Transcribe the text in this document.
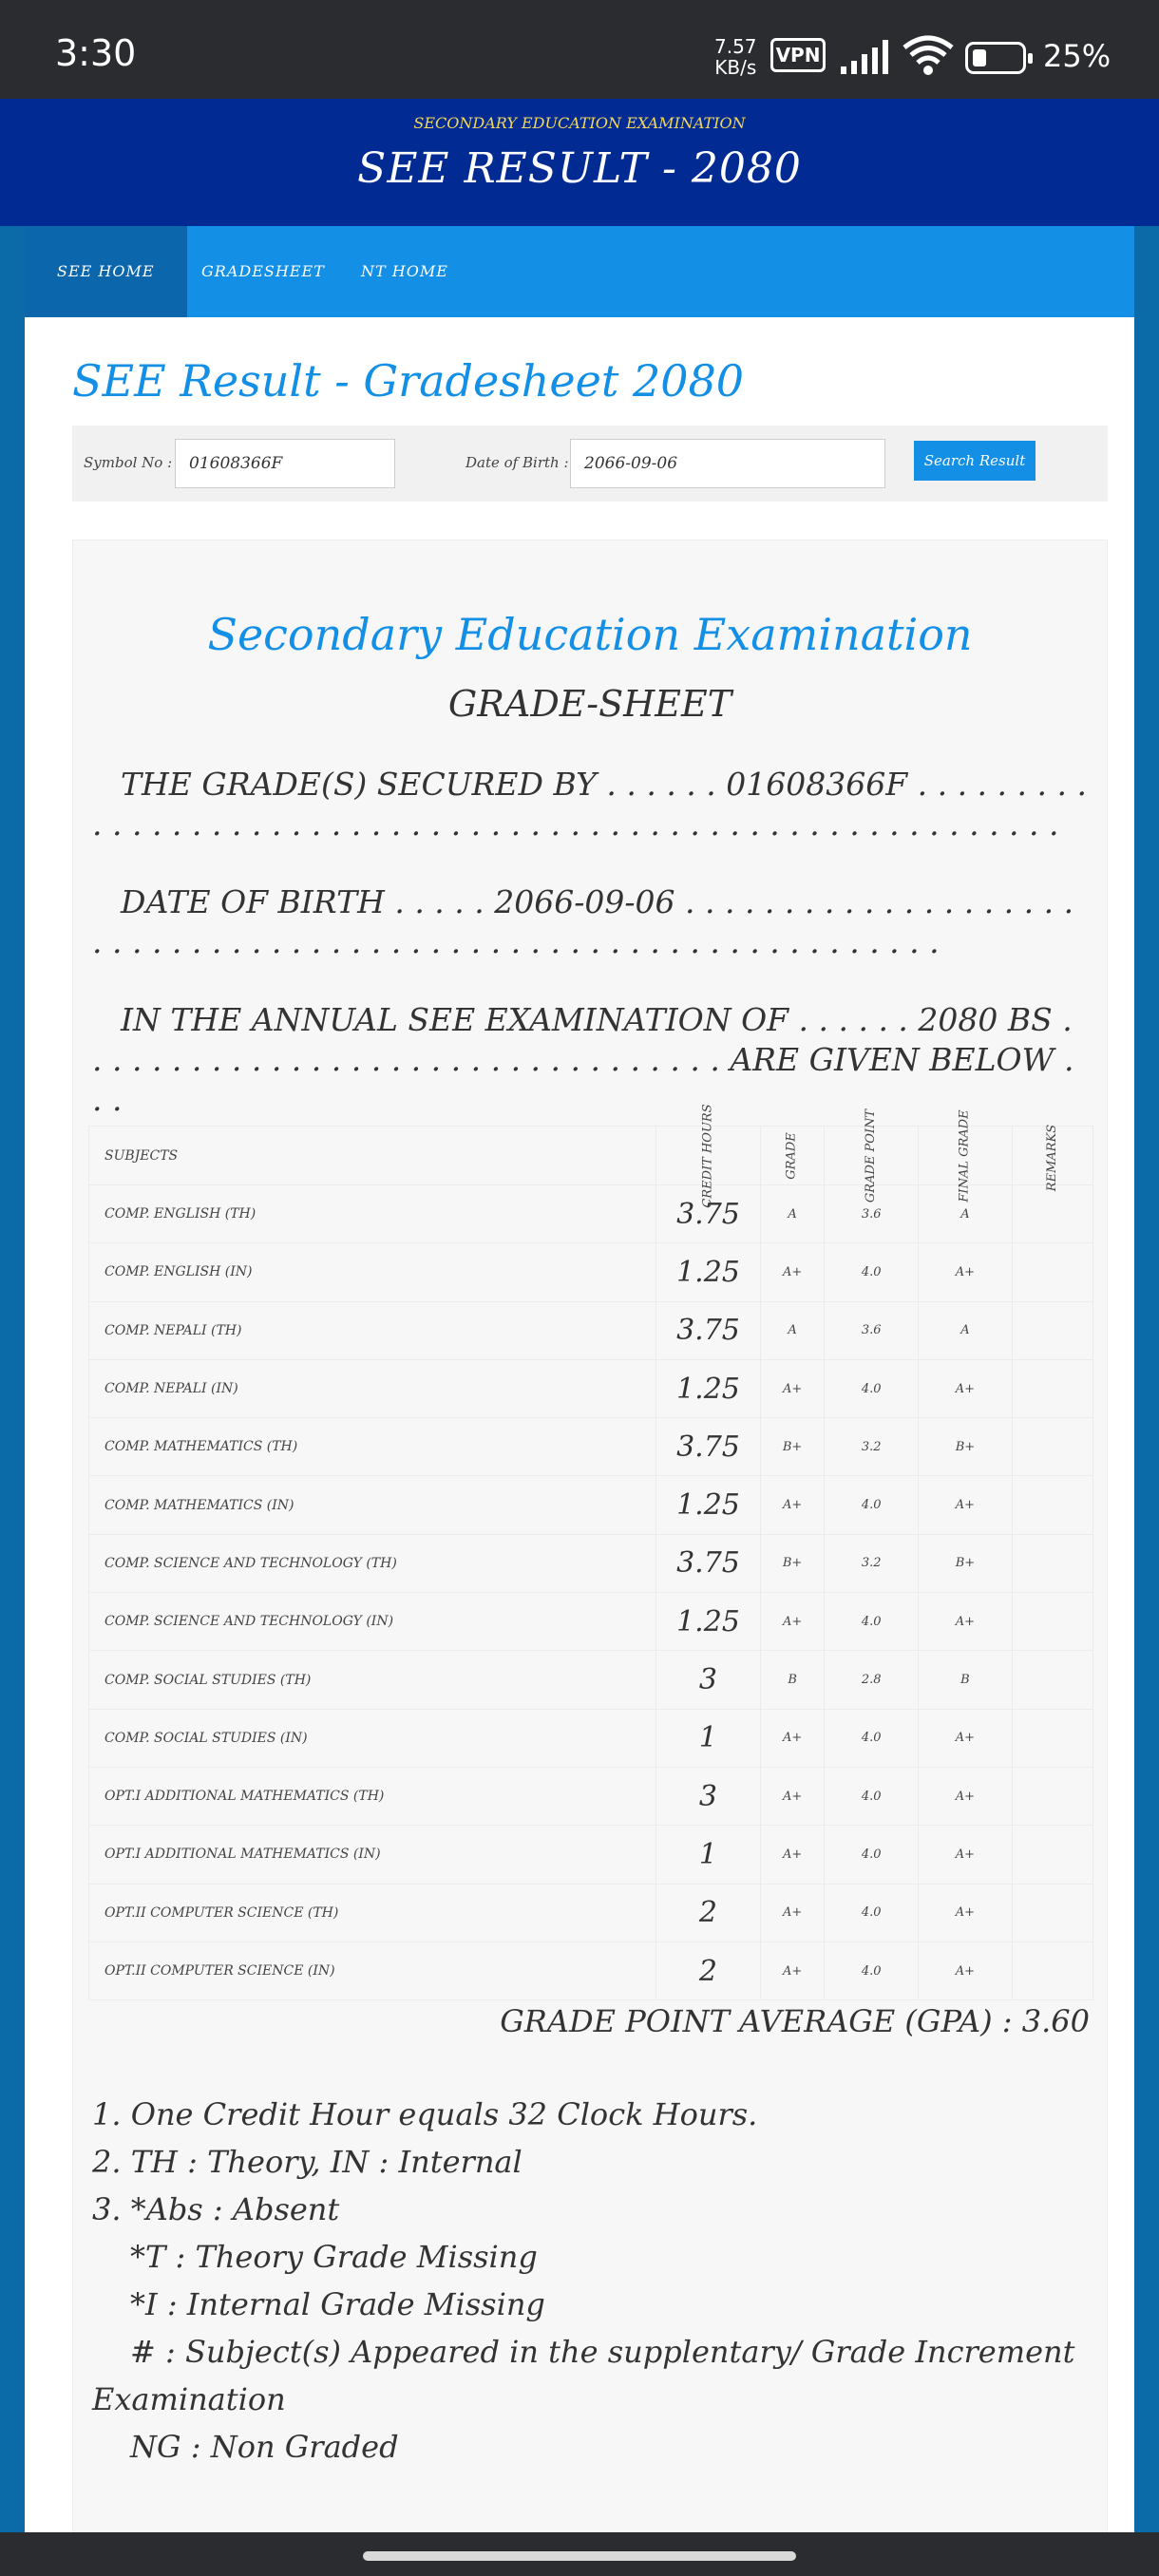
3:30	7.57
KB/s
VPN	25%
SECONDARY EDUCATION EXAMINATION
SEE RESULT - 2080
SEE HOME	GRADESHEET	NT HOME
SEE Result - Gradesheet 2080
Symbol No :
01608366F	Date of Birth :
2066-09-06	Search Result
Secondary Education Examination
GRADE-SHEET
THE GRADE(S) SECURED BY . . . . . . 01608366F . . . . . . . . . . . . . . . . . . . . . . . . . . . . . . . . . . . . . . . . . . . . . . . . . . . . . . . . . .
DATE OF BIRTH . . . . . 2066-09-06 . . . . . . . . . . . . . . . . . . . . . . . . . . . . . . . . . . . . . . . . . . . . . . . . . . . . . . . . . . . . . . .
IN THE ANNUAL SEE EXAMINATION OF . . . . . . 2080 BS . . . . . . . . . . . . . . . . . . . . . . . . . . . . . . . . . ARE GIVEN BELOW . . .
SUBJECTS	CREDIT HOURS	GRADE	GRADE POINT	FINAL GRADE	REMARKS
COMP. ENGLISH (TH)	3.75	A	3.6	A	
COMP. ENGLISH (IN)	1.25	A+	4.0	A+	
COMP. NEPALI (TH)	3.75	A	3.6	A	
COMP. NEPALI (IN)	1.25	A+	4.0	A+	
COMP. MATHEMATICS (TH)	3.75	B+	3.2	B+	
COMP. MATHEMATICS (IN)	1.25	A+	4.0	A+	
COMP. SCIENCE AND TECHNOLOGY (TH)	3.75	B+	3.2	B+	
COMP. SCIENCE AND TECHNOLOGY (IN)	1.25	A+	4.0	A+	
COMP. SOCIAL STUDIES (TH)	3	B	2.8	B	
COMP. SOCIAL STUDIES (IN)	1	A+	4.0	A+	
OPT.I ADDITIONAL MATHEMATICS (TH)	3	A+	4.0	A+	
OPT.I ADDITIONAL MATHEMATICS (IN)	1	A+	4.0	A+	
OPT.II COMPUTER SCIENCE (TH)	2	A+	4.0	A+	
OPT.II COMPUTER SCIENCE (IN)	2	A+	4.0	A+	
GRADE POINT AVERAGE (GPA) : 3.60
1. One Credit Hour equals 32 Clock Hours.
2. TH : Theory, IN : Internal
3. *Abs : Absent
*T : Theory Grade Missing
*I : Internal Grade Missing
# : Subject(s) Appeared in the supplentary/ Grade Increment
Examination
NG : Non Graded
